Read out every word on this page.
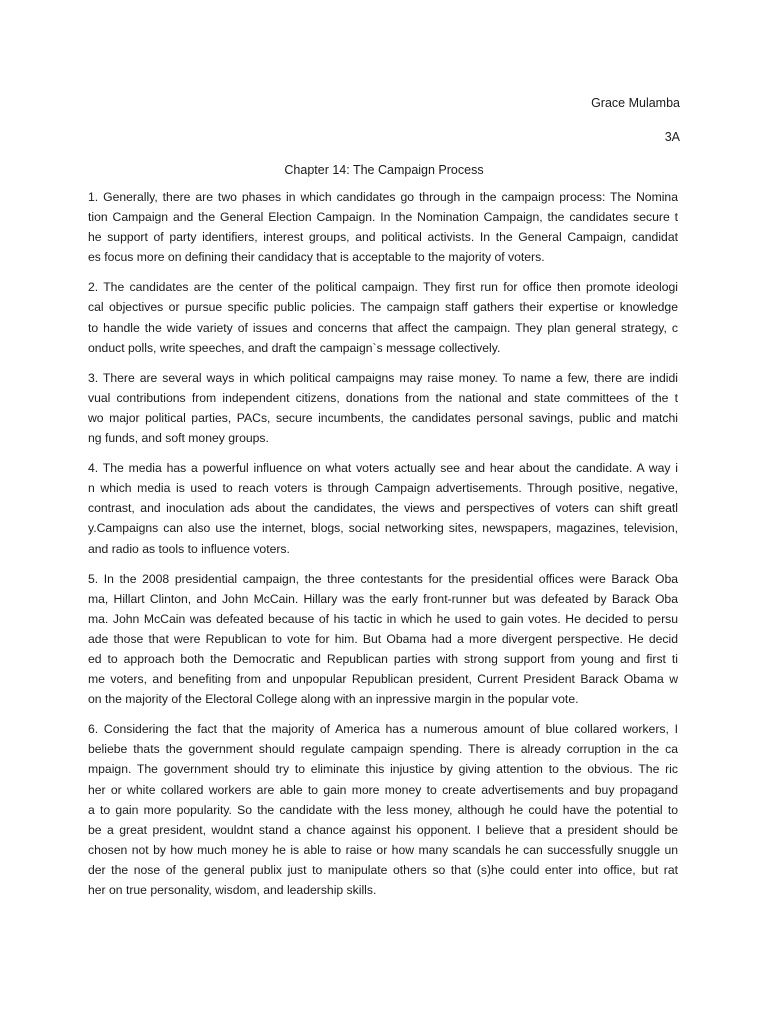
Grace Mulamba
3A
Chapter 14: The Campaign Process
1. Generally, there are two phases in which candidates go through in the campaign process: The Nomina
tion Campaign and the General Election Campaign. In the Nomination Campaign, the candidates secure t
he support of party identifiers, interest groups, and political activists. In the General Campaign, candidat
es focus more on defining their candidacy that is acceptable to the majority of voters.
2. The candidates are the center of the political campaign. They first run for office then promote ideologi
cal objectives or pursue specific public policies. The campaign staff gathers their expertise or knowledge
to handle the wide variety of issues and concerns that affect the campaign. They plan general strategy, c
onduct polls, write speeches, and draft the campaign`s message collectively.
3. There are several ways in which political campaigns may raise money. To name a few, there are indidi
vual contributions from independent citizens, donations from the national and state committees of the t
wo major political parties, PACs, secure incumbents, the candidates personal savings, public and matchi
ng funds, and soft money groups.
4. The media has a powerful influence on what voters actually see and hear about the candidate. A way i
n which media is used to reach voters is through Campaign advertisements. Through positive, negative,
contrast, and inoculation ads about the candidates, the views and perspectives of voters can shift greatl
y.Campaigns can also use the internet, blogs, social networking sites, newspapers, magazines, television,
and radio as tools to influence voters.
5. In the 2008 presidential campaign, the three contestants for the presidential offices were Barack Oba
ma, Hillart Clinton, and John McCain. Hillary was the early front-runner but was defeated by Barack Oba
ma. John McCain was defeated because of his tactic in which he used to gain votes. He decided to persu
ade those that were Republican to vote for him. But Obama had a more divergent perspective. He decid
ed to approach both the Democratic and Republican parties with strong support from young and first ti
me voters, and benefiting from and unpopular Republican president, Current President Barack Obama w
on the majority of the Electoral College along with an inpressive margin in the popular vote.
6. Considering the fact that the majority of America has a numerous amount of blue collared workers, I
beliebe thats the government should regulate campaign spending. There is already corruption in the ca
mpaign. The government should try to eliminate this injustice by giving attention to the obvious. The ric
her or white collared workers are able to gain more money to create advertisements and buy propagand
a to gain more popularity. So the candidate with the less money, although he could have the potential to
be a great president, wouldnt stand a chance against his opponent. I believe that a president should be
chosen not by how much money he is able to raise or how many scandals he can successfully snuggle un
der the nose of the general publix just to manipulate others so that (s)he could enter into office, but rat
her on true personality, wisdom, and leadership skills.
